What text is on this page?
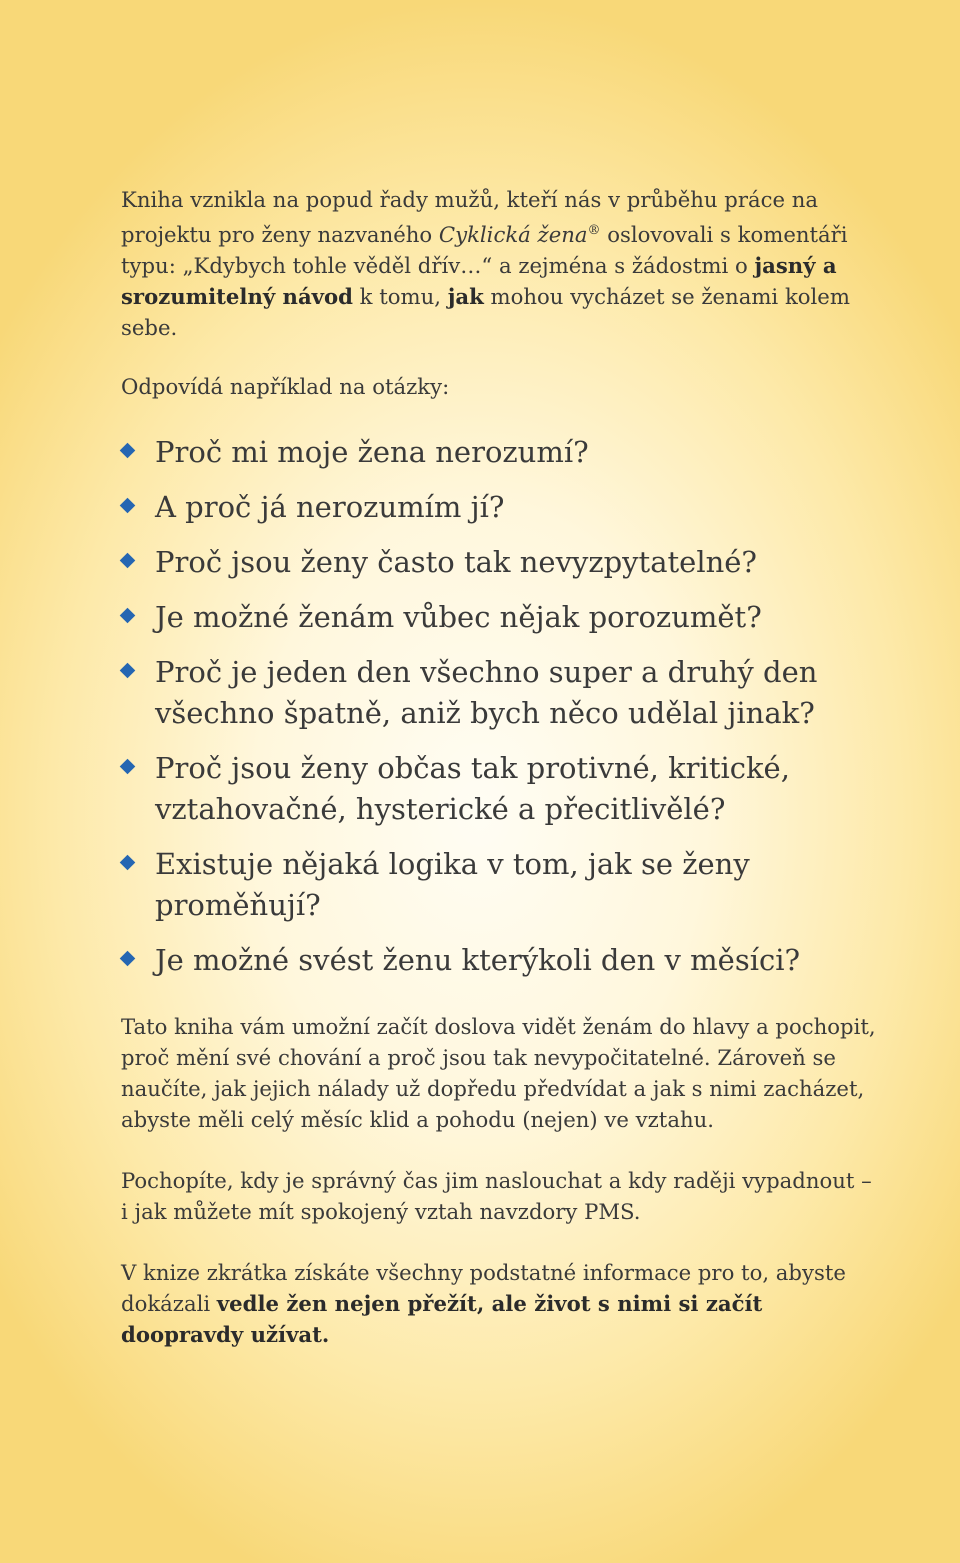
Kniha vznikla na popud řady mužů, kteří nás v průběhu práce na projektu pro ženy nazvaného Cyklická žena® oslovovali s komentáři typu: „Kdybych tohle věděl dřív…“ a zejména s žádostmi o jasný a srozumitelný návod k tomu, jak mohou vycházet se ženami kolem sebe.

Odpovídá například na otázky:

Proč mi moje žena nerozumí?
A proč já nerozumím jí?
Proč jsou ženy často tak nevyzpytatelné?
Je možné ženám vůbec nějak porozumět?
Proč je jeden den všechno super a druhý den všechno špatně, aniž bych něco udělal jinak?
Proč jsou ženy občas tak protivné, kritické, vztahovačné, hysterické a přecitlivělé?
Existuje nějaká logika v tom, jak se ženy proměňují?
Je možné svést ženu kterýkoli den v měsíci?

Tato kniha vám umožní začít doslova vidět ženám do hlavy a pochopit, proč mění své chování a proč jsou tak nevypočitatelné. Zároveň se naučíte, jak jejich nálady už dopředu předvídat a jak s nimi zacházet, abyste měli celý měsíc klid a pohodu (nejen) ve vztahu.

Pochopíte, kdy je správný čas jim naslouchat a kdy raději vypadnout – i jak můžete mít spokojený vztah navzdory PMS.

V knize zkrátka získáte všechny podstatné informace pro to, abyste dokázali vedle žen nejen přežít, ale život s nimi si začít doopravdy užívat.
